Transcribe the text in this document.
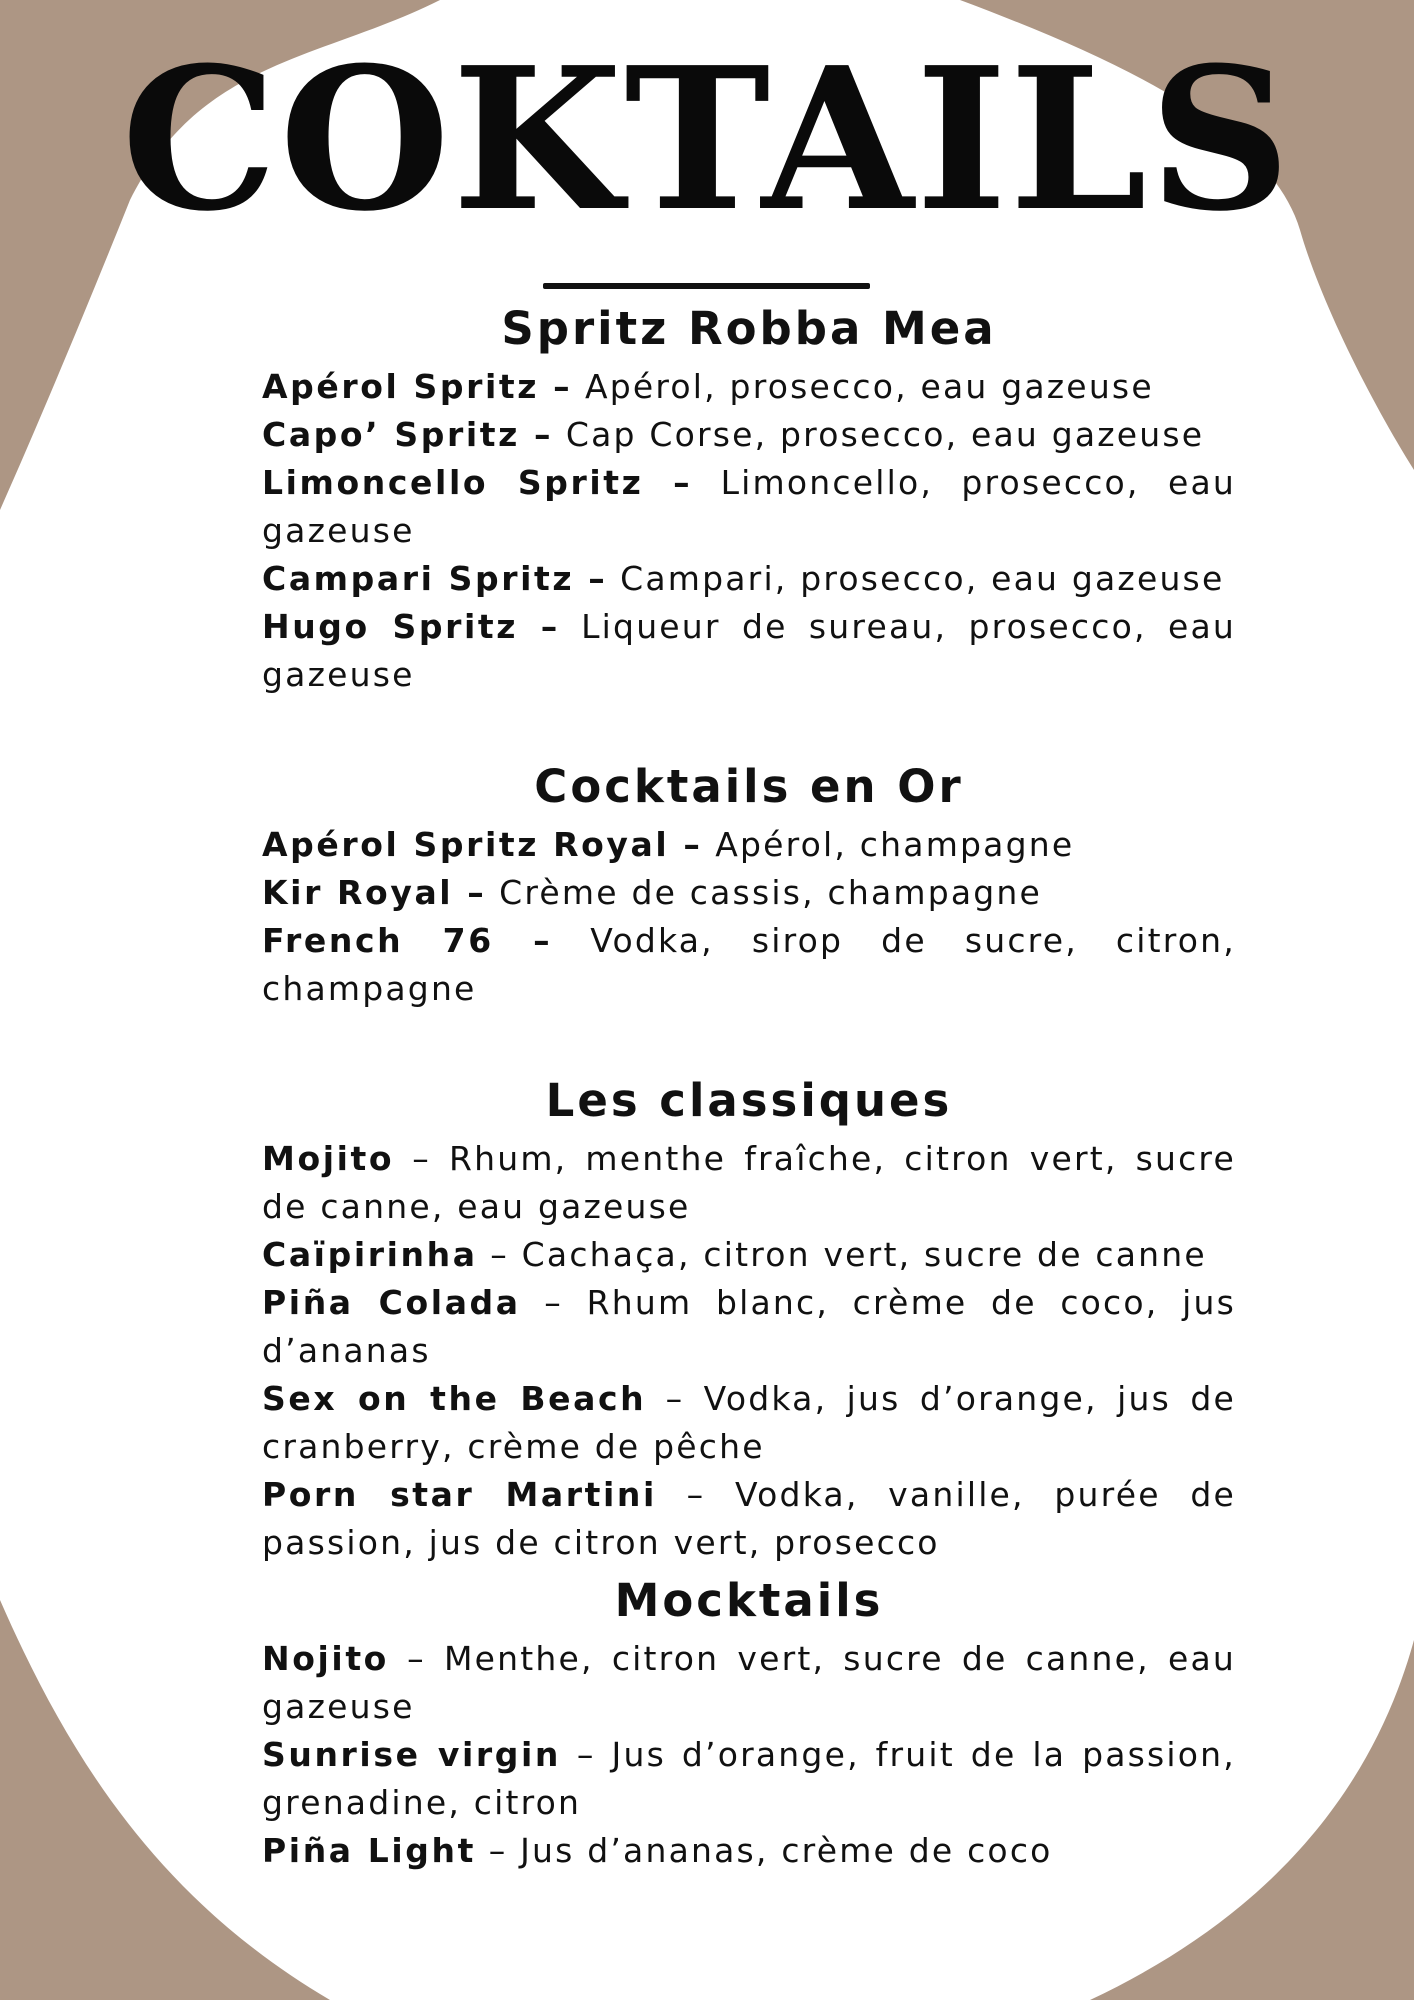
COKTAILS
Spritz Robba Mea

Apérol Spritz – Apérol, prosecco, eau gazeuse

Capo’ Spritz – Cap Corse, prosecco, eau gazeuse

Limoncello Spritz – Limoncello, prosecco, eau gazeuse

Campari Spritz – Campari, prosecco, eau gazeuse

Hugo Spritz – Liqueur de sureau, prosecco, eau gazeuse

Cocktails en Or

Apérol Spritz Royal – Apérol, champagne

Kir Royal – Crème de cassis, champagne

French 76 – Vodka, sirop de sucre, citron, champagne

Les classiques

Mojito – Rhum, menthe fraîche, citron vert, sucre de canne, eau gazeuse

Caïpirinha – Cachaça, citron vert, sucre de canne

Piña Colada – Rhum blanc, crème de coco, jus d’ananas

Sex on the Beach – Vodka, jus d’orange, jus de cranberry, crème de pêche

Porn star Martini – Vodka, vanille, purée de passion, jus de citron vert, prosecco

Mocktails

Nojito – Menthe, citron vert, sucre de canne, eau gazeuse

Sunrise virgin – Jus d’orange, fruit de la passion, grenadine, citron

Piña Light – Jus d’ananas, crème de coco
